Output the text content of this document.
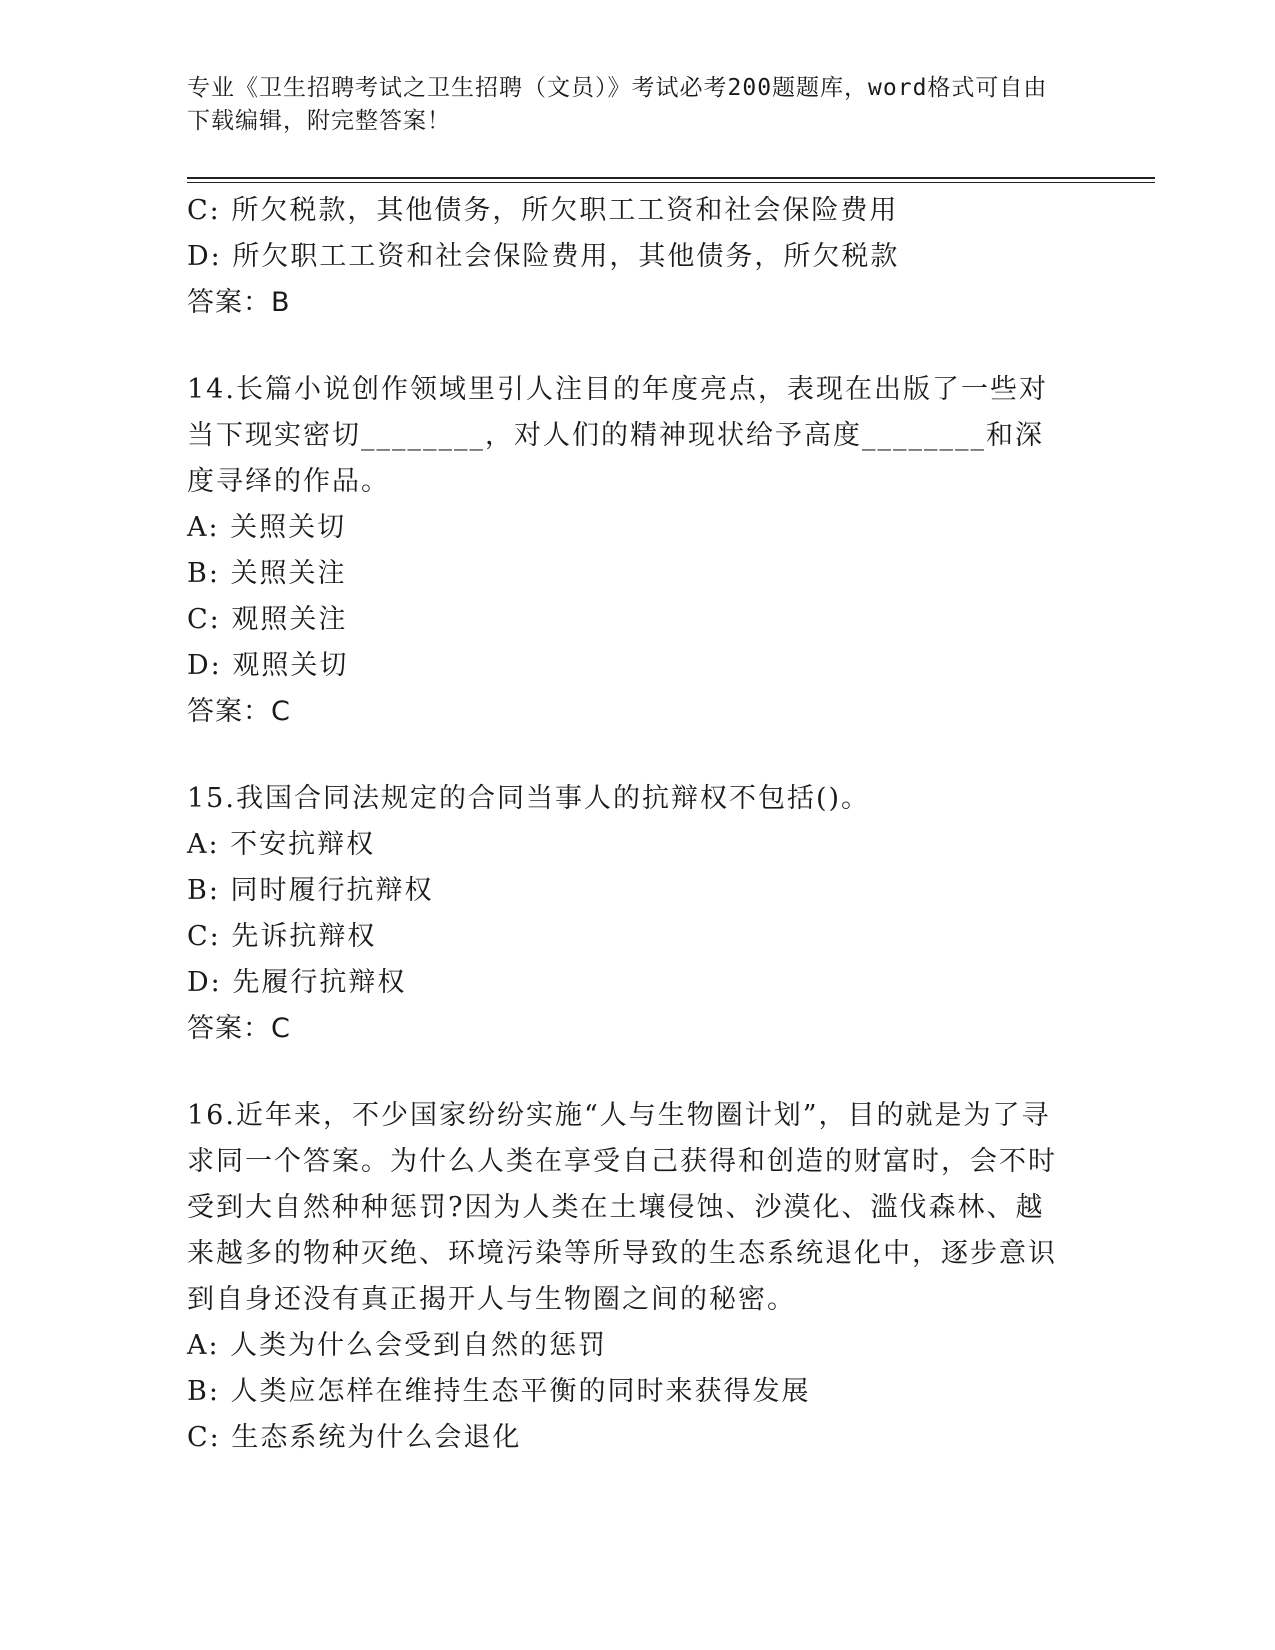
专业《卫生招聘考试之卫生招聘（文员）》考试必考200题题库，word格式可自由下载编辑，附完整答案！
C: 所欠税款，其他债务，所欠职工工资和社会保险费用
D: 所欠职工工资和社会保险费用，其他债务，所欠税款
答案：B
14.长篇小说创作领域里引人注目的年度亮点，表现在出版了一些对当下现实密切________，对人们的精神现状给予高度________和深度寻绎的作品。
A: 关照关切
B: 关照关注
C: 观照关注
D: 观照关切
答案：C
15.我国合同法规定的合同当事人的抗辩权不包括()。
A: 不安抗辩权
B: 同时履行抗辩权
C: 先诉抗辩权
D: 先履行抗辩权
答案：C
16.近年来，不少国家纷纷实施“人与生物圈计划”，目的就是为了寻求同一个答案。为什么人类在享受自己获得和创造的财富时，会不时受到大自然种种惩罚?因为人类在土壤侵蚀、沙漠化、滥伐森林、越来越多的物种灭绝、环境污染等所导致的生态系统退化中，逐步意识到自身还没有真正揭开人与生物圈之间的秘密。
A: 人类为什么会受到自然的惩罚
B: 人类应怎样在维持生态平衡的同时来获得发展
C: 生态系统为什么会退化
